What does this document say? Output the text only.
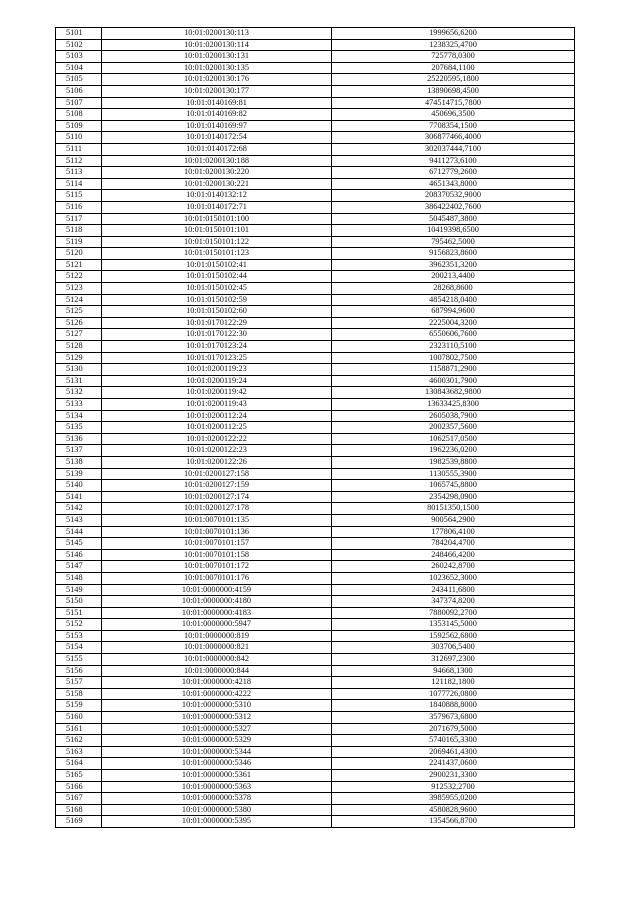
5101	10:01:0200130:113	1999656,6200
5102	10:01:0200130:114	1238325,4700
5103	10:01:0200130:131	725778,0300
5104	10:01:0200130:135	207684,1100
5105	10:01:0200130:176	25220595,1800
5106	10:01:0200130:177	13890698,4500
5107	10:01:0140169:81	474514715,7800
5108	10:01:0140169:82	450696,3500
5109	10:01:0140169:97	7708354,1500
5110	10:01:0140172:54	306877466,4000
5111	10:01:0140172:68	302037444,7100
5112	10:01:0200130:188	9411273,6100
5113	10:01:0200130:220	6712779,2600
5114	10:01:0200130:221	4651343,8000
5115	10:01:0140132:12	208370532,9000
5116	10:01:0140172:71	386422402,7600
5117	10:01:0150101:100	5045487,3800
5118	10:01:0150101:101	10419398,6500
5119	10:01:0150101:122	795462,5000
5120	10:01:0150101:123	9156823,8600
5121	10:01:0150102:41	3962351,3200
5122	10:01:0150102:44	200213,4400
5123	10:01:0150102:45	28268,8600
5124	10:01:0150102:59	4854218,0400
5125	10:01:0150102:60	687994,9600
5126	10:01:0170122:29	2225004,3200
5127	10:01:0170122:30	6550606,7600
5128	10:01:0170123:24	2323110,5100
5129	10:01:0170123:25	1007802,7500
5130	10:01:0200119:23	1158871,2900
5131	10:01:0200119:24	4600301,7900
5132	10:01:0200119:42	130843682,9800
5133	10:01:0200119:43	13633425,8300
5134	10:01:0200112:24	2605038,7900
5135	10:01:0200112:25	2002357,5600
5136	10:01:0200122:22	1062517,0500
5137	10:01:0200122:23	1962236,0200
5138	10:01:0200122:26	1982539,8800
5139	10:01:0200127:158	1130555,3900
5140	10:01:0200127:159	1065745,8800
5141	10:01:0200127:174	2354298,0900
5142	10:01:0200127:178	80151350,1500
5143	10:01:0070101:135	900564,2900
5144	10:01:0070101:136	177806,4100
5145	10:01:0070101:157	784204,4700
5146	10:01:0070101:158	248466,4200
5147	10:01:0070101:172	260242,8700
5148	10:01:0070101:176	1023652,3000
5149	10:01:0000000:4159	243411,6800
5150	10:01:0000000:4180	347374,8200
5151	10:01:0000000:4183	7880092,2700
5152	10:01:0000000:5947	1353145,5000
5153	10:01:0000000:819	1592562,6800
5154	10:01:0000000:821	303706,5400
5155	10:01:0000000:842	312697,2300
5156	10:01:0000000:844	94668,1300
5157	10:01:0000000:4218	121182,1800
5158	10:01:0000000:4222	1077726,0800
5159	10:01:0000000:5310	1840888,8000
5160	10:01:0000000:5312	3579673,6800
5161	10:01:0000000:5327	2071679,5000
5162	10:01:0000000:5329	5740165,3300
5163	10:01:0000000:5344	2069461,4300
5164	10:01:0000000:5346	2241437,0600
5165	10:01:0000000:5361	2900231,3300
5166	10:01:0000000:5363	912532,2700
5167	10:01:0000000:5378	3985955,0200
5168	10:01:0000000:5380	4580828,9600
5169	10:01:0000000:5395	1354566,8700
